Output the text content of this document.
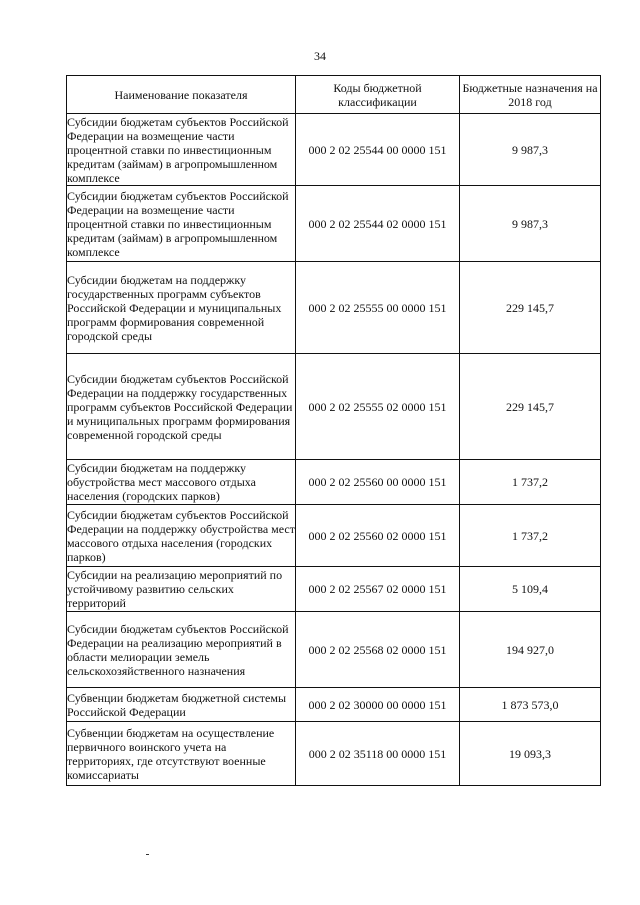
34
Наименование показателя	Коды бюджетной классификации	Бюджетные назначения на 2018 год
Субсидии бюджетам субъектов Российской Федерации на возмещение части процентной ставки по инвестиционным кредитам (займам) в агропромышленном комплексе	000 2 02 25544 00 0000 151	9 987,3
Субсидии бюджетам субъектов Российской Федерации на возмещение части процентной ставки по инвестиционным кредитам (займам) в агропромышленном комплексе	000 2 02 25544 02 0000 151	9 987,3
Субсидии бюджетам на поддержку государственных программ субъектов Российской Федерации и муниципальных программ формирования современной городской среды	000 2 02 25555 00 0000 151	229 145,7
Субсидии бюджетам субъектов Российской Федерации на поддержку государственных программ субъектов Российской Федерации и муниципальных программ формирования современной городской среды	000 2 02 25555 02 0000 151	229 145,7
Субсидии бюджетам на поддержку обустройства мест массового отдыха населения (городских парков)	000 2 02 25560 00 0000 151	1 737,2
Субсидии бюджетам субъектов Российской Федерации на поддержку обустройства мест массового отдыха населения (городских парков)	000 2 02 25560 02 0000 151	1 737,2
Субсидии на реализацию мероприятий по устойчивому развитию сельских территорий	000 2 02 25567 02 0000 151	5 109,4
Субсидии бюджетам субъектов Российской Федерации на реализацию мероприятий в области мелиорации земель сельскохозяйственного назначения	000 2 02 25568 02 0000 151	194 927,0
Субвенции бюджетам бюджетной системы Российской Федерации	000 2 02 30000 00 0000 151	1 873 573,0
Субвенции бюджетам на осуществление первичного воинского учета на территориях, где отсутствуют военные комиссариаты	000 2 02 35118 00 0000 151	19 093,3
